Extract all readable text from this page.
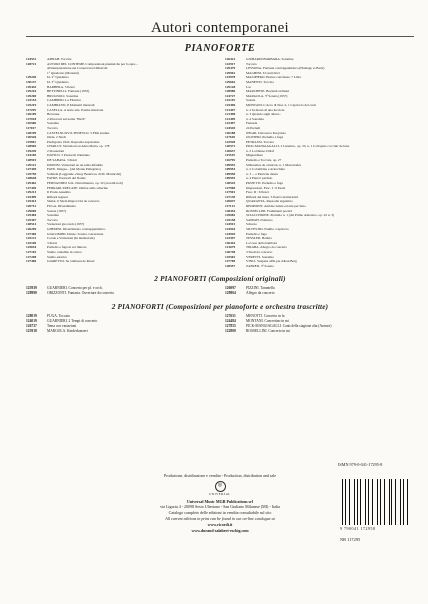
Autori contemporanei
PIANOFORTE
124531	APPIAH. Toccata
128721	AUTORI DEL CONTEMP. Composizioni pianistiche per la apre...
all'interpretazione nei Conservatori Musicali
1° Quaderno (Montani)
129240	Id. 2° Quaderno
130137	Id. 3° Quaderno
129443	BARBERA. 3 Pezzi
129216	BETTINELLI. Fantasia (1955)
129200	BRUGNOLI. Sonatina
123154	CAMBIERI. La Filatrice
125219	CAMBIASSI. 8 Momenti musicali
117295	CASELLA. A notte alta. Poema musicale
126109	Berceuse
127018	2 Ricercari sul nome "Bach"
116308	Sonatina
117017	Toccata
128199	CASTELNUOVO-TEDESCO. 3 Film studies
126526	Onde. 2 Studi
119901	Piedigrotta 1924. Rapsodia napoletana
128965	CHAILLY. Variazioni su Anna Maria, op. 178
129249	2 Invenzioni
124185	DAVICO. 5 Pastorali d'autunno
128919	DE SABATA. 3 Pezzi
129113	DIONISI. Variazioni su un tema infantile
127449	FAVE. Images... (dal Monte Pellegrino)
125750	Solitude (Leggende «Sissy Beatrice» di M. Martucchi)
128628	FAVRE. Pastorali del Natale
129462	FERNANDEZ GIL. Divertimento, op. 32 (su temi noti)
127449	FERRARI-TRECATE. Ombre sulle scherme
129213	Il Prode Anselmo
125499	Riflessi legnesi
125414	Shalai. 6 Studi-Improvvisi da concerto
120712	FUGA. Divertimento
129069	Sonata (1957)
125484	Sonatine
125307	Toccata
128514	Variazioni giocondo (1957)
126209	GHEDINI. Divertimento contrappuntistico
127300	GIACOMINI. Danze. Sonata concertante
125131	Corale e Variazioni (In memoriam)
125100	3 Pezzi
125654	Preludio e fuga in sol minore
127103	Studio cantabile in ottava
127208	Studio estatico
127406	GIARETTO. Su tombeau de Ravel
126421	GIUBARDI BARBARA. Sonatina
122917	Toccata
129479	LESSONA. Fantasia contrappuntistica (Homage to Bach)
129961	MAGHINI. 6 Canti lirici
123978	MALIPIERO. Hortus conclusus. 7 Libro
129662	MANENTI. Toccata
129128	Lai
128980	MARCHESE. Bozzetti siciliani
124727	MARGOLA. 3ª Sonata (1957)
122119	Sonata
125496	MONTANI. L'Arco di Noè, n. 1 Capriccio del cucù
121497	n. 2 In morte di una lucciola
121498	n. 3 Quando sugli alberi...
121499	n. 4 Sonatina
122497	Fantasia
124545	24 Preludi
120188	NEGRI. Umoresca Kreyanza
117618	OLIVIERI. Preludio e fuga
122928	PETRASSI. Toccata
120571	PICK-MANGIAGALLI. 2 Lunatico, op. 33, n. 1 Colloquio coi clair de lune
120637	n. 2 La Danse d'Olaf
115519	Miguardises
116795	Preludio e Toccata, op. 27
109952	Silhouettes de carnaval, n. 1 Mascarades
109953	n. 2 Colombina e Arlecchino
109950	n. 3 ... e Pierrette danza
109955	n. 4 Pierrot perduto
128525	PIZZETTI. Preludio e fuga
127900	Impressioni. Fasc. I : 6 Pezzi
127901	Fasc. II : 6 Pezzi
127130	Riflessi del mare. 3 Pezzi caratteristici
126037	QUARANTA. Rapsodia argentina
117113	REDPOINT. Antiche danze ed arie per liuto
128454	ROSSELLINI. Frammenti poetici
129082	SCIACCHIONE. Preludio n. 1 (dal Primo armonico, op. 22 n. 3)
125158	SAPPAH. Notturno
124915	Scherzo
124944	SILVESTRI. Fauille. Capriccio
124945	Preludio e fuga
123397	TESSLER. Ballata
126416	La Casa della bambola
121679	TIRABA. Allegro da concerto
126758	3 Studi da concerto
125502	VERETTI. Sonatina
127700	VINCI. Suspens alfin per Alban Berg
128557	ZAFRED. 3ª Sonata
2 PIANOFORTI (Composizioni originali)
125939	GUARNIERI. Concerto per pf. e orch.
128990	ORIZZONTI. Fantasia. Ouverture da concerto
126097	PIZZINI. Tarantella
129804	Allegro da concerto
2 PIANOFORTI (Composizioni per pianoforte e orchestra trascritte)
128019	FUGA. Toccata
124019	GUARNIERI. 2 Tempi di concerto
126737	Tema con variazioni
125918	MARGOLA. Kinderkonzert
127651	MENOTTI. Concerto in fa
124484	MONTANI. Concertino in mi
127855	PICK-MANGIAGALLI. Canti della stagione alta (Azenze)
122800	ROSSELLINI. Concerto in mi
Produzione, distribuzione e vendita - Production, distribution and sale
◎
UNIVERSAL
Universal Music MGB Publications srl
via Liguria 4 - 20098 Sesto Ulteriano - San Giuliano Milanese (MI) - Italia
Catalogo completo delle edizioni in vendita consultabile sul sito
All current editions in print can be found in our on-line catalogue at
www.ricordi.it
www.durand-salabert-eschig.com
ISMN 979-0-041-17295-8
9 790041 172958
NR 117295
